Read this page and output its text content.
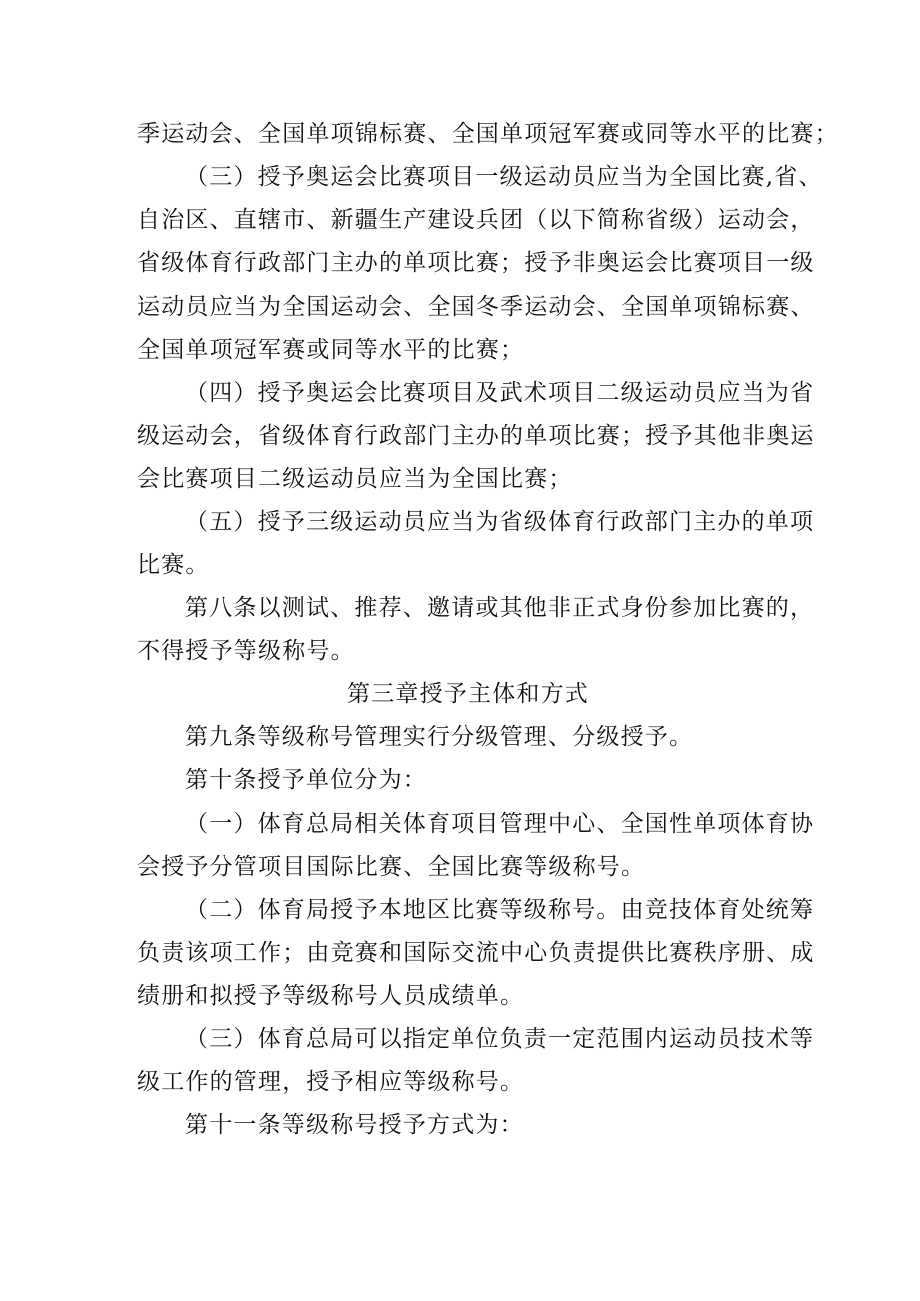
季运动会、全国单项锦标赛、全国单项冠军赛或同等水平的比赛；
（三）授予奥运会比赛项目一级运动员应当为全国比赛,省、
自治区、直辖市、新疆生产建设兵团（以下简称省级）运动会，
省级体育行政部门主办的单项比赛；授予非奥运会比赛项目一级
运动员应当为全国运动会、全国冬季运动会、全国单项锦标赛、
全国单项冠军赛或同等水平的比赛；
（四）授予奥运会比赛项目及武术项目二级运动员应当为省
级运动会，省级体育行政部门主办的单项比赛；授予其他非奥运
会比赛项目二级运动员应当为全国比赛；
（五）授予三级运动员应当为省级体育行政部门主办的单项
比赛。
第八条以测试、推荐、邀请或其他非正式身份参加比赛的，
不得授予等级称号。
第三章授予主体和方式
第九条等级称号管理实行分级管理、分级授予。
第十条授予单位分为：
（一）体育总局相关体育项目管理中心、全国性单项体育协
会授予分管项目国际比赛、全国比赛等级称号。
（二）体育局授予本地区比赛等级称号。由竞技体育处统筹
负责该项工作；由竞赛和国际交流中心负责提供比赛秩序册、成
绩册和拟授予等级称号人员成绩单。
（三）体育总局可以指定单位负责一定范围内运动员技术等
级工作的管理，授予相应等级称号。
第十一条等级称号授予方式为：
